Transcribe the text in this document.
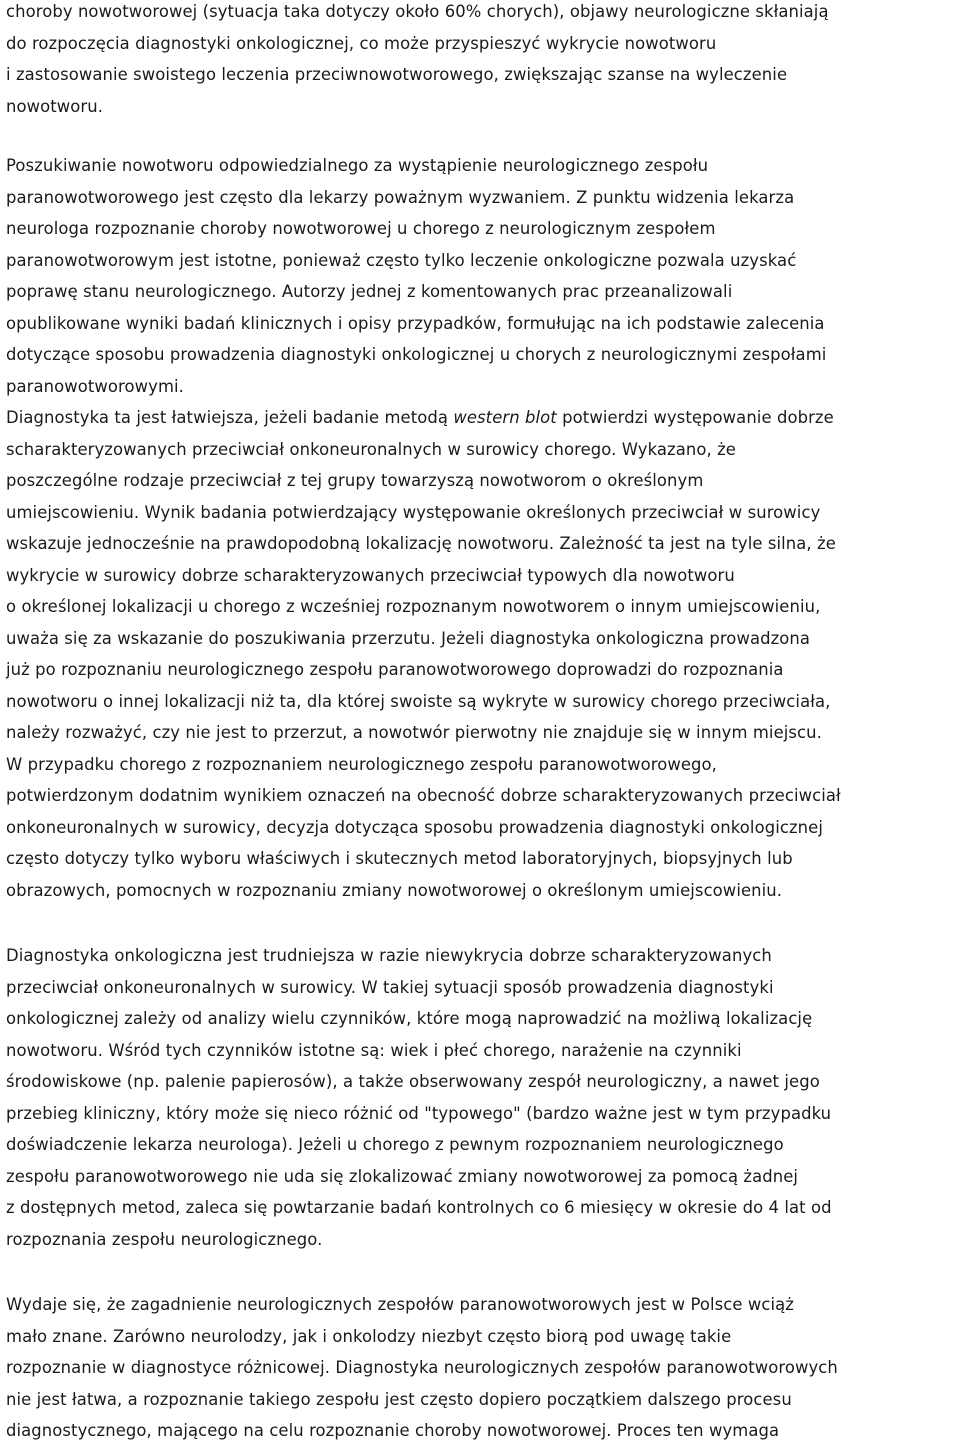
choroby nowotworowej (sytuacja taka dotyczy około 60% chorych), objawy neurologiczne skłaniają
do rozpoczęcia diagnostyki onkologicznej, co może przyspieszyć wykrycie nowotworu
i zastosowanie swoistego leczenia przeciwnowotworowego, zwiększając szanse na wyleczenie
nowotworu.
Poszukiwanie nowotworu odpowiedzialnego za wystąpienie neurologicznego zespołu
paranowotworowego jest często dla lekarzy poważnym wyzwaniem. Z punktu widzenia lekarza
neurologa rozpoznanie choroby nowotworowej u chorego z neurologicznym zespołem
paranowotworowym jest istotne, ponieważ często tylko leczenie onkologiczne pozwala uzyskać
poprawę stanu neurologicznego. Autorzy jednej z komentowanych prac przeanalizowali
opublikowane wyniki badań klinicznych i opisy przypadków, formułując na ich podstawie zalecenia
dotyczące sposobu prowadzenia diagnostyki onkologicznej u chorych z neurologicznymi zespołami
paranowotworowymi.
Diagnostyka ta jest łatwiejsza, jeżeli badanie metodą western blot potwierdzi występowanie dobrze
scharakteryzowanych przeciwciał onkoneuronalnych w surowicy chorego. Wykazano, że
poszczególne rodzaje przeciwciał z tej grupy towarzyszą nowotworom o określonym
umiejscowieniu. Wynik badania potwierdzający występowanie określonych przeciwciał w surowicy
wskazuje jednocześnie na prawdopodobną lokalizację nowotworu. Zależność ta jest na tyle silna, że
wykrycie w surowicy dobrze scharakteryzowanych przeciwciał typowych dla nowotworu
o określonej lokalizacji u chorego z wcześniej rozpoznanym nowotworem o innym umiejscowieniu,
uważa się za wskazanie do poszukiwania przerzutu. Jeżeli diagnostyka onkologiczna prowadzona
już po rozpoznaniu neurologicznego zespołu paranowotworowego doprowadzi do rozpoznania
nowotworu o innej lokalizacji niż ta, dla której swoiste są wykryte w surowicy chorego przeciwciała,
należy rozważyć, czy nie jest to przerzut, a nowotwór pierwotny nie znajduje się w innym miejscu.
W przypadku chorego z rozpoznaniem neurologicznego zespołu paranowotworowego,
potwierdzonym dodatnim wynikiem oznaczeń na obecność dobrze scharakteryzowanych przeciwciał
onkoneuronalnych w surowicy, decyzja dotycząca sposobu prowadzenia diagnostyki onkologicznej
często dotyczy tylko wyboru właściwych i skutecznych metod laboratoryjnych, biopsyjnych lub
obrazowych, pomocnych w rozpoznaniu zmiany nowotworowej o określonym umiejscowieniu.
Diagnostyka onkologiczna jest trudniejsza w razie niewykrycia dobrze scharakteryzowanych
przeciwciał onkoneuronalnych w surowicy. W takiej sytuacji sposób prowadzenia diagnostyki
onkologicznej zależy od analizy wielu czynników, które mogą naprowadzić na możliwą lokalizację
nowotworu. Wśród tych czynników istotne są: wiek i płeć chorego, narażenie na czynniki
środowiskowe (np. palenie papierosów), a także obserwowany zespół neurologiczny, a nawet jego
przebieg kliniczny, który może się nieco różnić od "typowego" (bardzo ważne jest w tym przypadku
doświadczenie lekarza neurologa). Jeżeli u chorego z pewnym rozpoznaniem neurologicznego
zespołu paranowotworowego nie uda się zlokalizować zmiany nowotworowej za pomocą żadnej
z dostępnych metod, zaleca się powtarzanie badań kontrolnych co 6 miesięcy w okresie do 4 lat od
rozpoznania zespołu neurologicznego.
Wydaje się, że zagadnienie neurologicznych zespołów paranowotworowych jest w Polsce wciąż
mało znane. Zarówno neurolodzy, jak i onkolodzy niezbyt często biorą pod uwagę takie
rozpoznanie w diagnostyce różnicowej. Diagnostyka neurologicznych zespołów paranowotworowych
nie jest łatwa, a rozpoznanie takiego zespołu jest często dopiero początkiem dalszego procesu
diagnostycznego, mającego na celu rozpoznanie choroby nowotworowej. Proces ten wymaga
